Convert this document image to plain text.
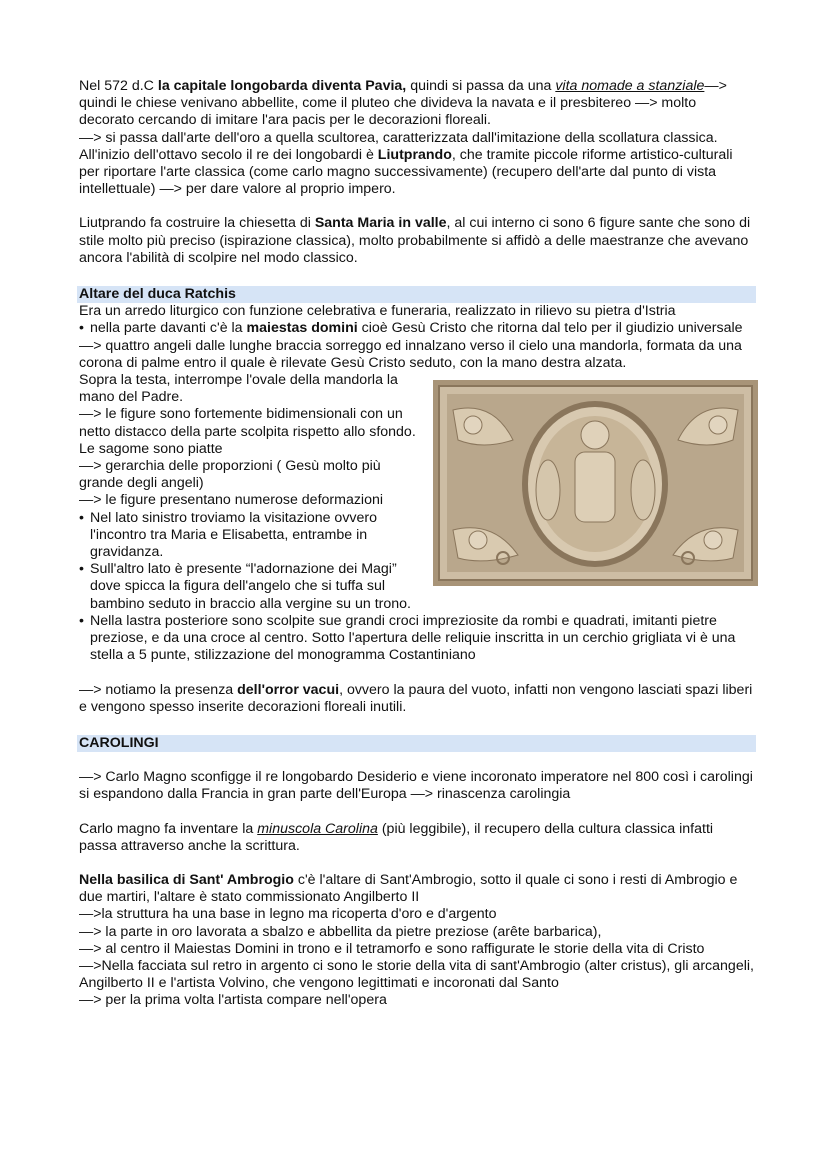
Nel 572 d.C la capitale longobarda diventa Pavia, quindi si passa da una vita nomade a stanziale—> quindi le chiese venivano abbellite, come il pluteo che divideva la navata e il presbitereo —> molto decorato cercando di imitare l'ara pacis per le decorazioni floreali.

—> si passa dall'arte dell'oro a quella scultorea, caratterizzata dall'imitazione della scollatura classica.

All'inizio dell'ottavo secolo il re dei longobardi è Liutprando, che tramite piccole riforme artistico-culturali per riportare l'arte classica (come carlo magno successivamente) (recupero dell'arte dal punto di vista intellettuale) —> per dare valore al proprio impero.

Liutprando fa costruire la chiesetta di Santa Maria in valle, al cui interno ci sono 6 figure sante che sono di stile molto più preciso (ispirazione classica), molto probabilmente si affidò a delle maestranze che avevano ancora l'abilità di scolpire nel modo classico.

Altare del duca Ratchis

Era un arredo liturgico con funzione celebrativa e funeraria, realizzato in rilievo su pietra d'Istria

• nella parte davanti c'è la maiestas domini cioè Gesù Cristo che ritorna dal telo per il giudizio universale

—> quattro angeli dalle lunghe braccia sorreggo ed innalzano verso il cielo una mandorla, formata da una corona di palme entro il quale è rilevate Gesù Cristo seduto, con la mano destra alzata.

Sopra la testa, interrompe l'ovale della mandorla la mano del Padre.

—> le figure sono fortemente bidimensionali con un netto distacco della parte scolpita rispetto allo sfondo. Le sagome sono piatte

—> gerarchia delle proporzioni ( Gesù molto più grande degli angeli)

—> le figure presentano numerose deformazioni

• Nel lato sinistro troviamo la visitazione ovvero l'incontro tra Maria e Elisabetta, entrambe in gravidanza.
• Sull'altro lato è presente “l'adornazione dei Magi” dove spicca la figura dell'angelo che si tuffa sul bambino seduto in braccio alla vergine su un trono.
• Nella lastra posteriore sono scolpite sue grandi croci impreziosite da rombi e quadrati, imitanti pietre preziose, e da una croce al centro. Sotto l'apertura delle reliquie inscritta in un cerchio grigliata vi è una stella a 5 punte, stilizzazione del monogramma Costantiniano

—> notiamo la presenza dell'orror vacui, ovvero la paura del vuoto, infatti non vengono lasciati spazi liberi e vengono spesso inserite decorazioni floreali inutili.

CAROLINGI

—> Carlo Magno sconfigge il re longobardo Desiderio e viene incoronato imperatore nel 800 così i carolingi si espandono dalla Francia in gran parte dell'Europa —> rinascenza carolingia

Carlo magno fa inventare la minuscola Carolina (più leggibile), il recupero della cultura classica infatti passa attraverso anche la scrittura.

Nella basilica di Sant' Ambrogio c'è l'altare di Sant'Ambrogio, sotto il quale ci sono i resti di Ambrogio e due martiri, l'altare è stato commissionato Angilberto II

—>la struttura ha una base in legno ma ricoperta d'oro e d'argento

—> la parte in oro lavorata a sbalzo e abbellita da pietre preziose (arête barbarica),

—> al centro il Maiestas Domini in trono e il tetramorfo e sono raffigurate le storie della vita di Cristo

—>Nella facciata sul retro in argento ci sono le storie della vita di sant'Ambrogio (alter cristus), gli arcangeli, Angilberto II e l'artista Volvino, che vengono legittimati e incoronati dal Santo

—> per la prima volta l'artista compare nell'opera
